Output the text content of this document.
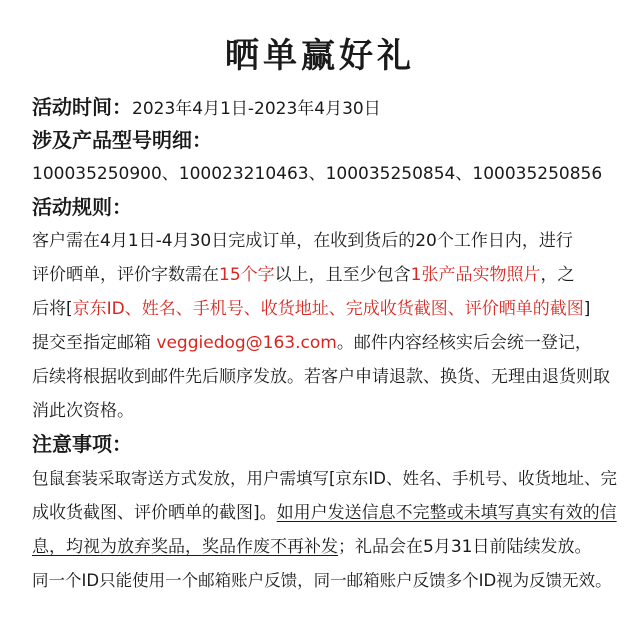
晒单赢好礼
活动时间：2023年4月1日-2023年4月30日
涉及产品型号明细：
100035250900、100023210463、100035250854、100035250856
活动规则：
客户需在4月1日-4月30日完成订单，在收到货后的20个工作日内，进行
评价晒单，评价字数需在15个字以上，且至少包含1张产品实物照片，之
后将[京东ID、姓名、手机号、收货地址、完成收货截图、评价晒单的截图]
提交至指定邮箱 veggiedog@163.com。邮件内容经核实后会统一登记，
后续将根据收到邮件先后顺序发放。若客户申请退款、换货、无理由退货则取
消此次资格。
注意事项：
包鼠套装采取寄送方式发放，用户需填写[京东ID、姓名、手机号、收货地址、完
成收货截图、评价晒单的截图]。如用户发送信息不完整或未填写真实有效的信
息，均视为放弃奖品，奖品作废不再补发；礼品会在5月31日前陆续发放。
同一个ID只能使用一个邮箱账户反馈，同一邮箱账户反馈多个ID视为反馈无效。
